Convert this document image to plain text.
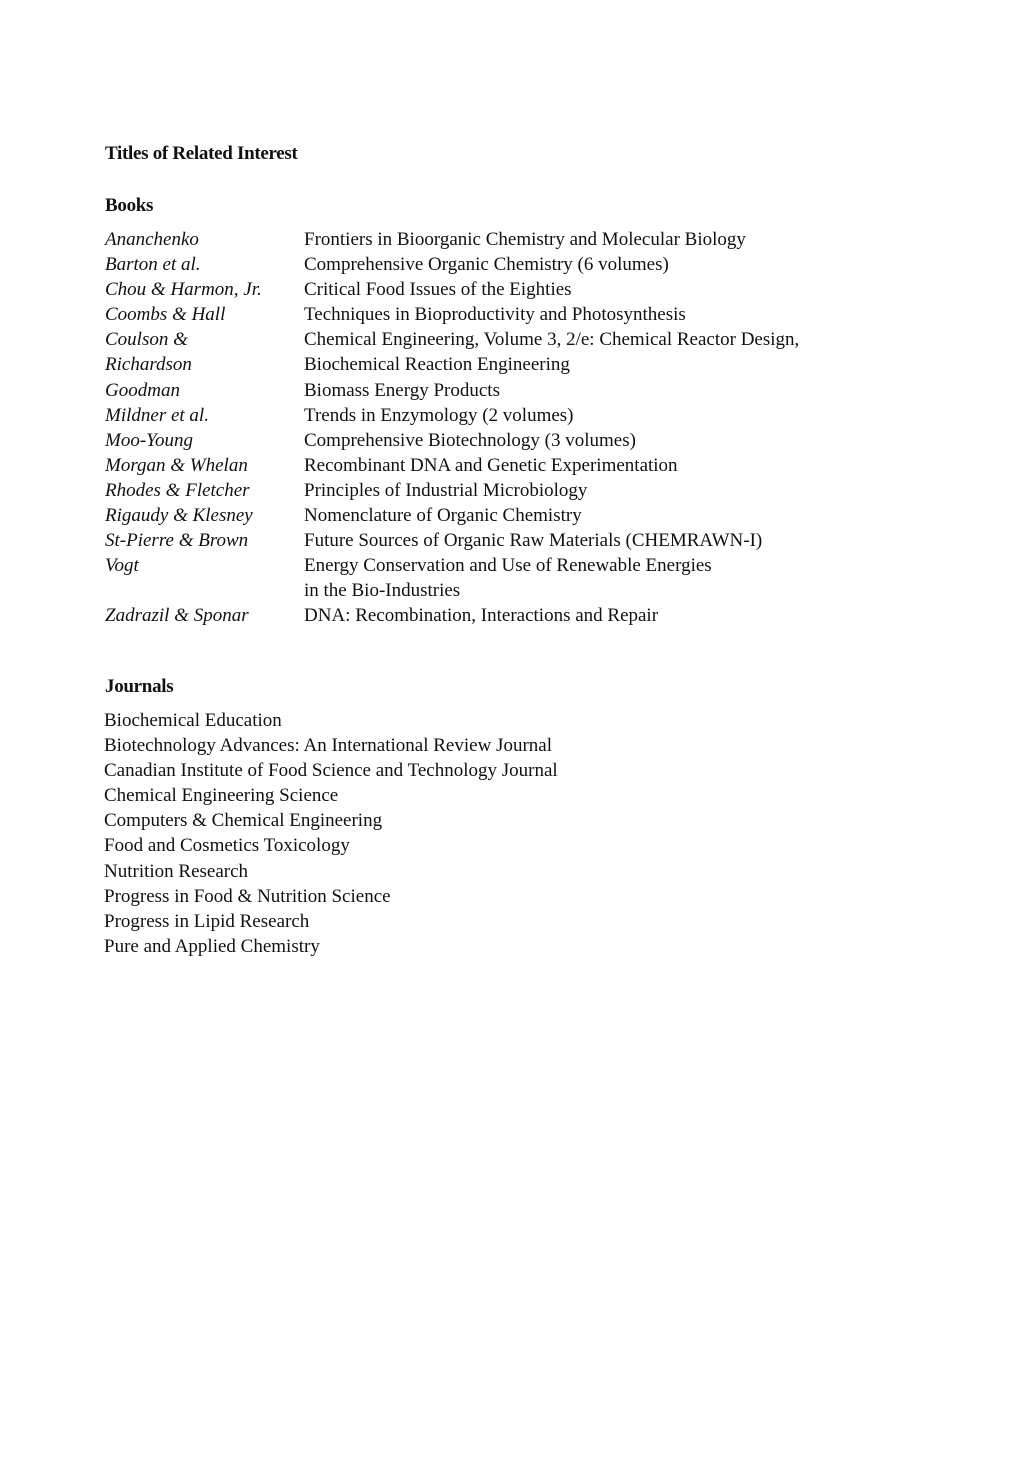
Titles of Related Interest
Books
Ananchenko	Frontiers in Bioorganic Chemistry and Molecular Biology
Barton et al.	Comprehensive Organic Chemistry (6 volumes)
Chou & Harmon, Jr.	Critical Food Issues of the Eighties
Coombs & Hall	Techniques in Bioproductivity and Photosynthesis
Coulson &	Chemical Engineering, Volume 3, 2/e: Chemical Reactor Design,
Richardson	Biochemical Reaction Engineering
Goodman	Biomass Energy Products
Mildner et al.	Trends in Enzymology (2 volumes)
Moo-Young	Comprehensive Biotechnology (3 volumes)
Morgan & Whelan	Recombinant DNA and Genetic Experimentation
Rhodes & Fletcher	Principles of Industrial Microbiology
Rigaudy & Klesney	Nomenclature of Organic Chemistry
St-Pierre & Brown	Future Sources of Organic Raw Materials (CHEMRAWN-I)
Vogt	Energy Conservation and Use of Renewable Energies
	in the Bio-Industries
Zadrazil & Sponar	DNA: Recombination, Interactions and Repair
Journals
Biochemical Education
Biotechnology Advances: An International Review Journal
Canadian Institute of Food Science and Technology Journal
Chemical Engineering Science
Computers & Chemical Engineering
Food and Cosmetics Toxicology
Nutrition Research
Progress in Food & Nutrition Science
Progress in Lipid Research
Pure and Applied Chemistry
